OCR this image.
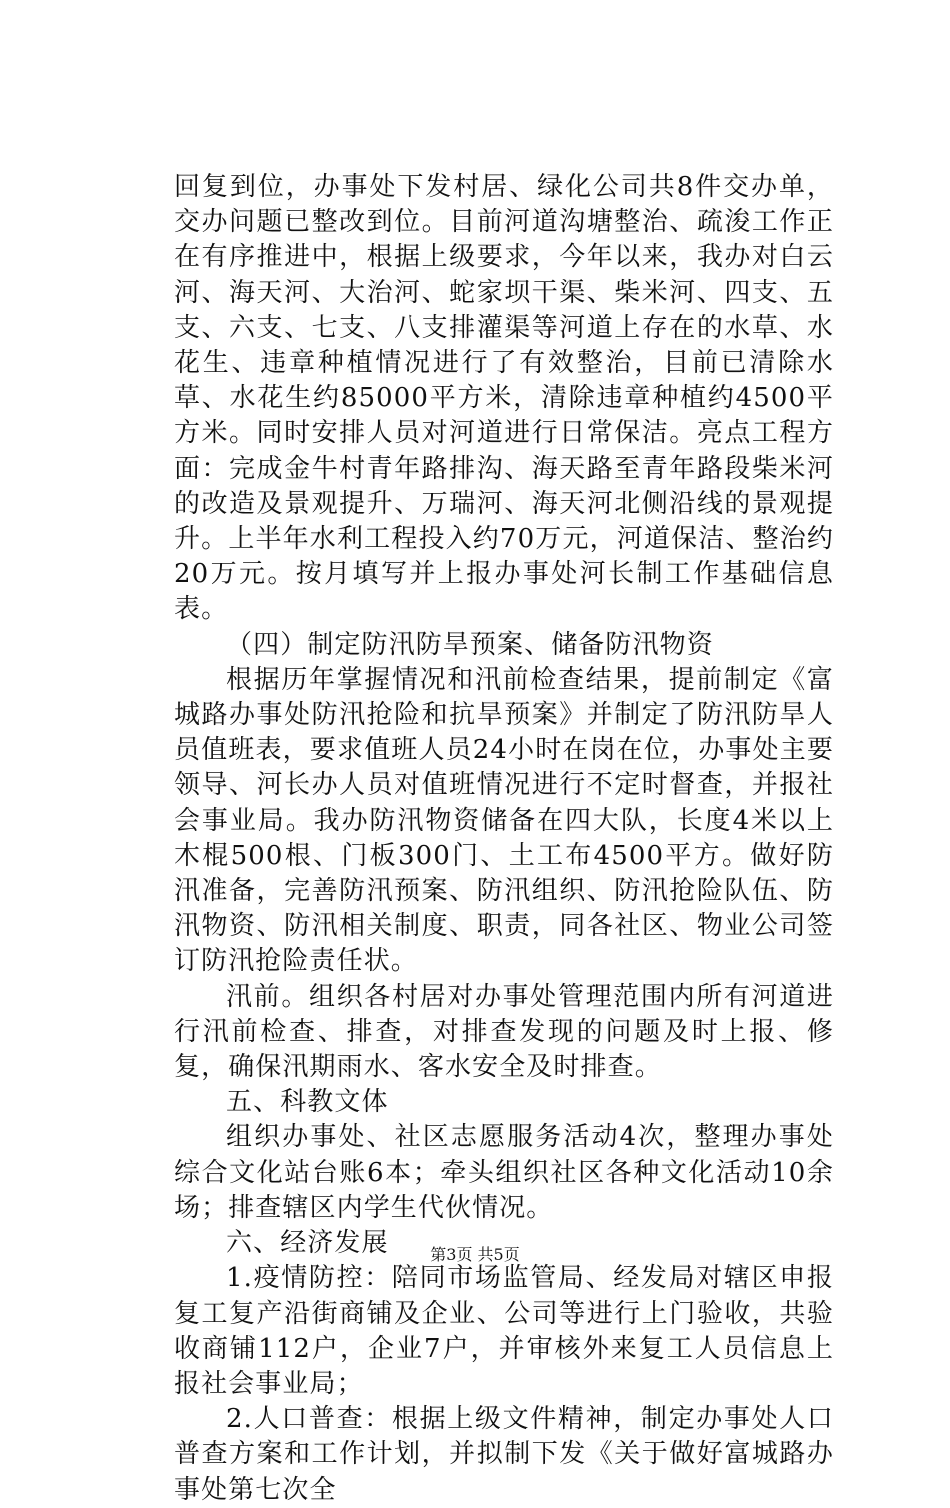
回复到位，办事处下发村居、绿化公司共8件交办单，交办问题已整改到位。目前河道沟塘整治、疏浚工作正在有序推进中，根据上级要求，今年以来，我办对白云河、海天河、大治河、蛇家坝干渠、柴米河、四支、五支、六支、七支、八支排灌渠等河道上存在的水草、水花生、违章种植情况进行了有效整治，目前已清除水草、水花生约85000平方米，清除违章种植约4500平方米。同时安排人员对河道进行日常保洁。亮点工程方面：完成金牛村青年路排沟、海天路至青年路段柴米河的改造及景观提升、万瑞河、海天河北侧沿线的景观提升。上半年水利工程投入约70万元，河道保洁、整治约20万元。按月填写并上报办事处河长制工作基础信息表。

（四）制定防汛防旱预案、储备防汛物资

根据历年掌握情况和汛前检查结果，提前制定《富城路办事处防汛抢险和抗旱预案》并制定了防汛防旱人员值班表，要求值班人员24小时在岗在位，办事处主要领导、河长办人员对值班情况进行不定时督查，并报社会事业局。我办防汛物资储备在四大队，长度4米以上木棍500根、门板300门、土工布4500平方。做好防汛准备，完善防汛预案、防汛组织、防汛抢险队伍、防汛物资、防汛相关制度、职责，同各社区、物业公司签订防汛抢险责任状。

汛前。组织各村居对办事处管理范围内所有河道进行汛前检查、排查，对排查发现的问题及时上报、修复，确保汛期雨水、客水安全及时排查。

五、科教文体

组织办事处、社区志愿服务活动4次，整理办事处综合文化站台账6本；牵头组织社区各种文化活动10余场；排查辖区内学生代伙情况。

六、经济发展

1.疫情防控：陪同市场监管局、经发局对辖区申报复工复产沿街商铺及企业、公司等进行上门验收，共验收商铺112户，企业7户，并审核外来复工人员信息上报社会事业局；

2.人口普查：根据上级文件精神，制定办事处人口普查方案和工作计划，并拟制下发《关于做好富城路办事处第七次全

第3页 共5页
